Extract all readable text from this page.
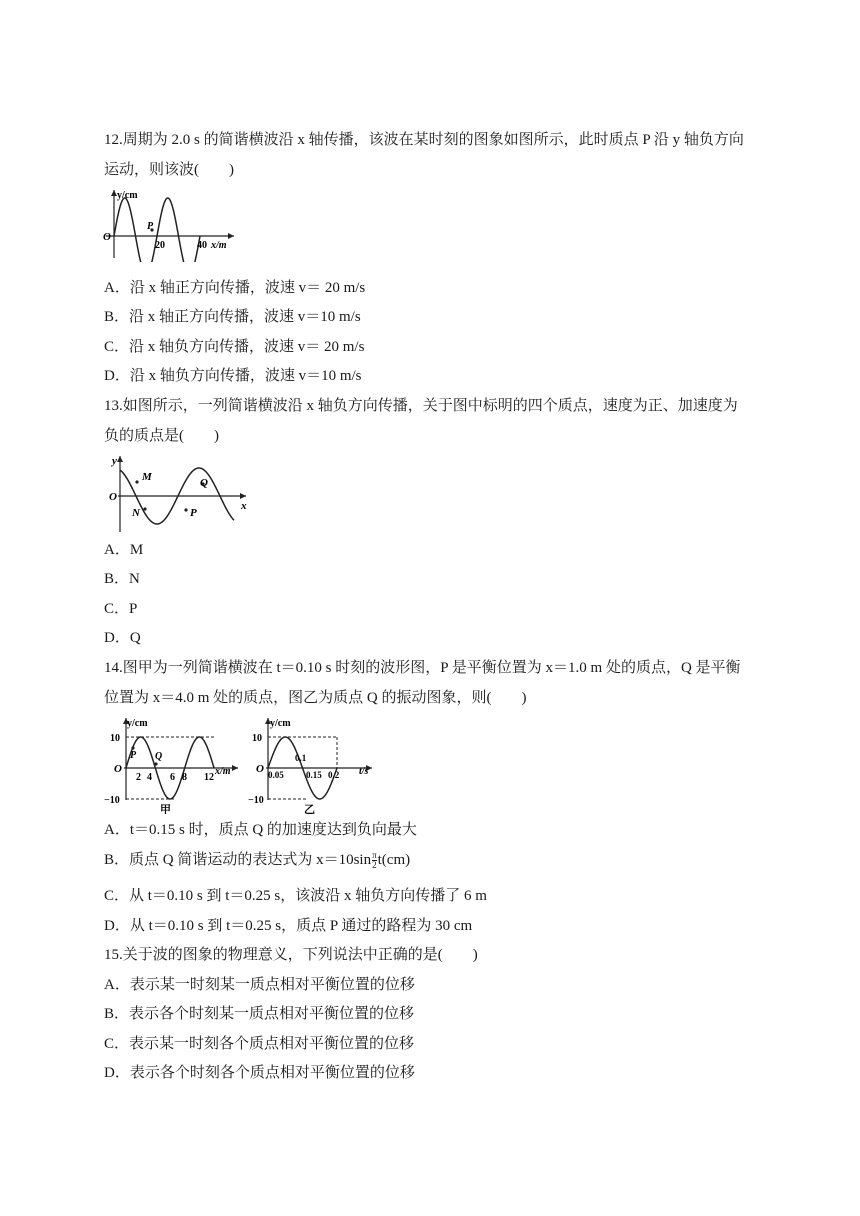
12.周期为 2.0 s 的简谐横波沿 x 轴传播，该波在某时刻的图象如图所示，此时质点 P 沿 y 轴负方向
运动，则该波(　　)
y/cm
O
P
20	40 x/m
A．沿 x 轴正方向传播，波速 v＝ 20 m/s
B．沿 x 轴正方向传播，波速 v＝10 m/s
C．沿 x 轴负方向传播，波速 v＝ 20 m/s
D．沿 x 轴负方向传播，波速 v＝10 m/s
13.如图所示，一列简谐横波沿 x 轴负方向传播，关于图中标明的四个质点，速度为正、加速度为
负的质点是(　　)
y
O
x
M
N	P
Q
A．M
B．N
C．P
D．Q
14.图甲为一列简谐横波在 t＝0.10 s 时刻的波形图，P 是平衡位置为 x＝1.0 m 处的质点，Q 是平衡
位置为 x＝4.0 m 处的质点，图乙为质点 Q 的振动图象，则(　　)
y/cm
10
−10
O
P Q
2 4 6 8 12
x/m
甲
y/cm
10
−10
O 0.05
0.1
0.15 0.2 t/s
乙
A．t＝0.15 s 时，质点 Q 的加速度达到负向最大
B．质点 Q 简谐运动的表达式为 $x=10\sin \frac{\pi}{2} t(cm)$
C．从 t＝0.10 s 到 t＝0.25 s，该波沿 x 轴负方向传播了 6 m
D．从 t＝0.10 s 到 t＝0.25 s，质点 P 通过的路程为 30 cm
15.关于波的图象的物理意义，下列说法中正确的是(　　)
A．表示某一时刻某一质点相对平衡位置的位移
B．表示各个时刻某一质点相对平衡位置的位移
C．表示某一时刻各个质点相对平衡位置的位移
D．表示各个时刻各个质点相对平衡位置的位移
